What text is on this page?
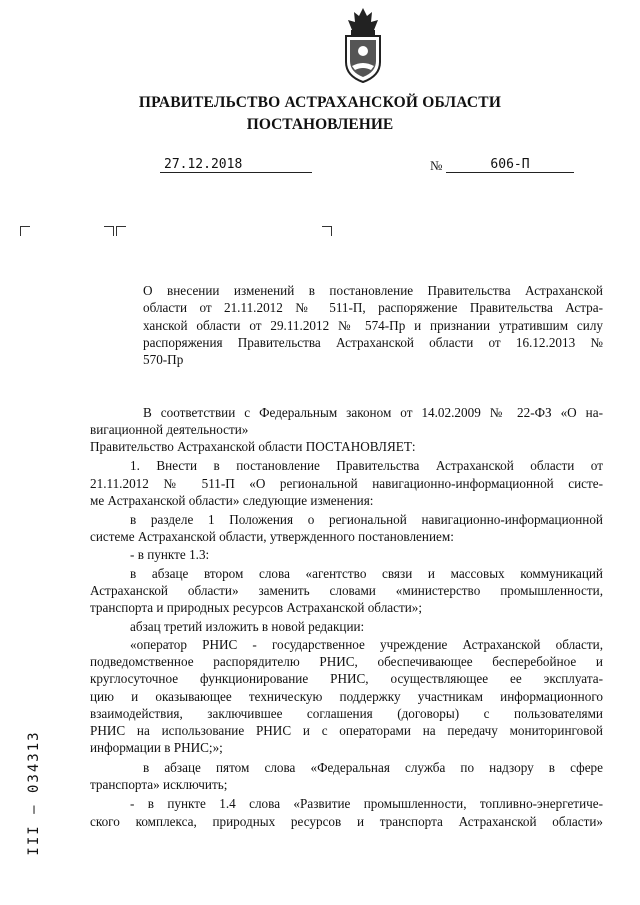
ПРАВИТЕЛЬСТВО АСТРАХАНСКОЙ ОБЛАСТИ
ПОСТАНОВЛЕНИЕ
27.12.2018	№	606-П
О внесении изменений в постановление Правительства Астраханской
области от 21.11.2012 № 511-П, распоряжение Правительства Астра-
ханской области от 29.11.2012 № 574-Пр и признании утратившим силу
распоряжения Правительства Астраханской области от 16.12.2013 №
570-Пр
В соответствии с Федеральным законом от 14.02.2009 № 22-ФЗ «О на-
вигационной деятельности»
Правительство Астраханской области ПОСТАНОВЛЯЕТ:
1. Внести в постановление Правительства Астраханской области от
21.11.2012 № 511-П «О региональной навигационно-информационной систе-
ме Астраханской области» следующие изменения:
в разделе 1 Положения о региональной навигационно-информационной
системе Астраханской области, утвержденного постановлением:
- в пункте 1.3:
в абзаце втором слова «агентство связи и массовых коммуникаций
Астраханской области» заменить словами «министерство промышленности,
транспорта и природных ресурсов Астраханской области»;
абзац третий изложить в новой редакции:
«оператор РНИС - государственное учреждение Астраханской области,
подведомственное распорядителю РНИС, обеспечивающее бесперебойное и
круглосуточное функционирование РНИС, осуществляющее ее эксплуата-
цию и оказывающее техническую поддержку участникам информационного
взаимодействия, заключившее соглашения (договоры) с пользователями
РНИС на использование РНИС и с операторами на передачу мониторинговой
информации в РНИС;»;
в абзаце пятом слова «Федеральная служба по надзору в сфере
транспорта» исключить;
- в пункте 1.4 слова «Развитие промышленности, топливно-энергетиче-
ского комплекса, природных ресурсов и транспорта Астраханской области»
III – 034313
